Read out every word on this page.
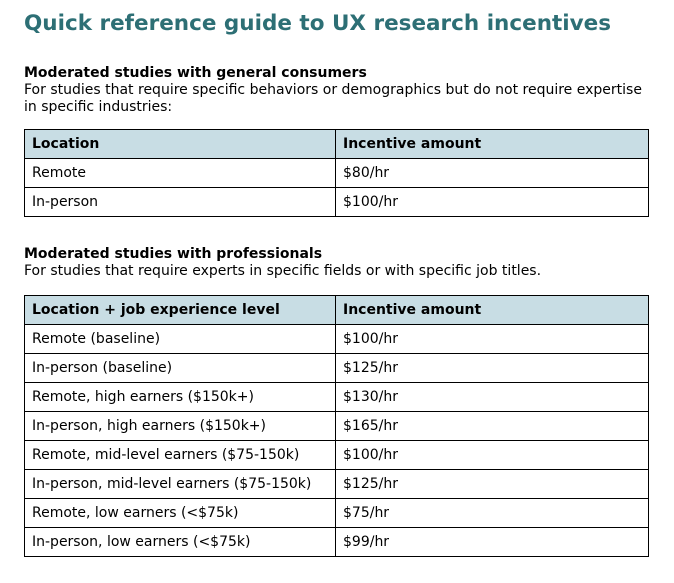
Quick reference guide to UX research incentives

Moderated studies with general consumers

For studies that require specific behaviors or demographics but do not require expertise in specific industries:

Location	Incentive amount
Remote	$80/hr
In-person	$100/hr

Moderated studies with professionals

For studies that require experts in specific fields or with specific job titles.

Location + job experience level	Incentive amount
Remote (baseline)	$100/hr
In-person (baseline)	$125/hr
Remote, high earners ($150k+)	$130/hr
In-person, high earners ($150k+)	$165/hr
Remote, mid-level earners ($75-150k)	$100/hr
In-person, mid-level earners ($75-150k)	$125/hr
Remote, low earners (<$75k)	$75/hr
In-person, low earners (<$75k)	$99/hr
